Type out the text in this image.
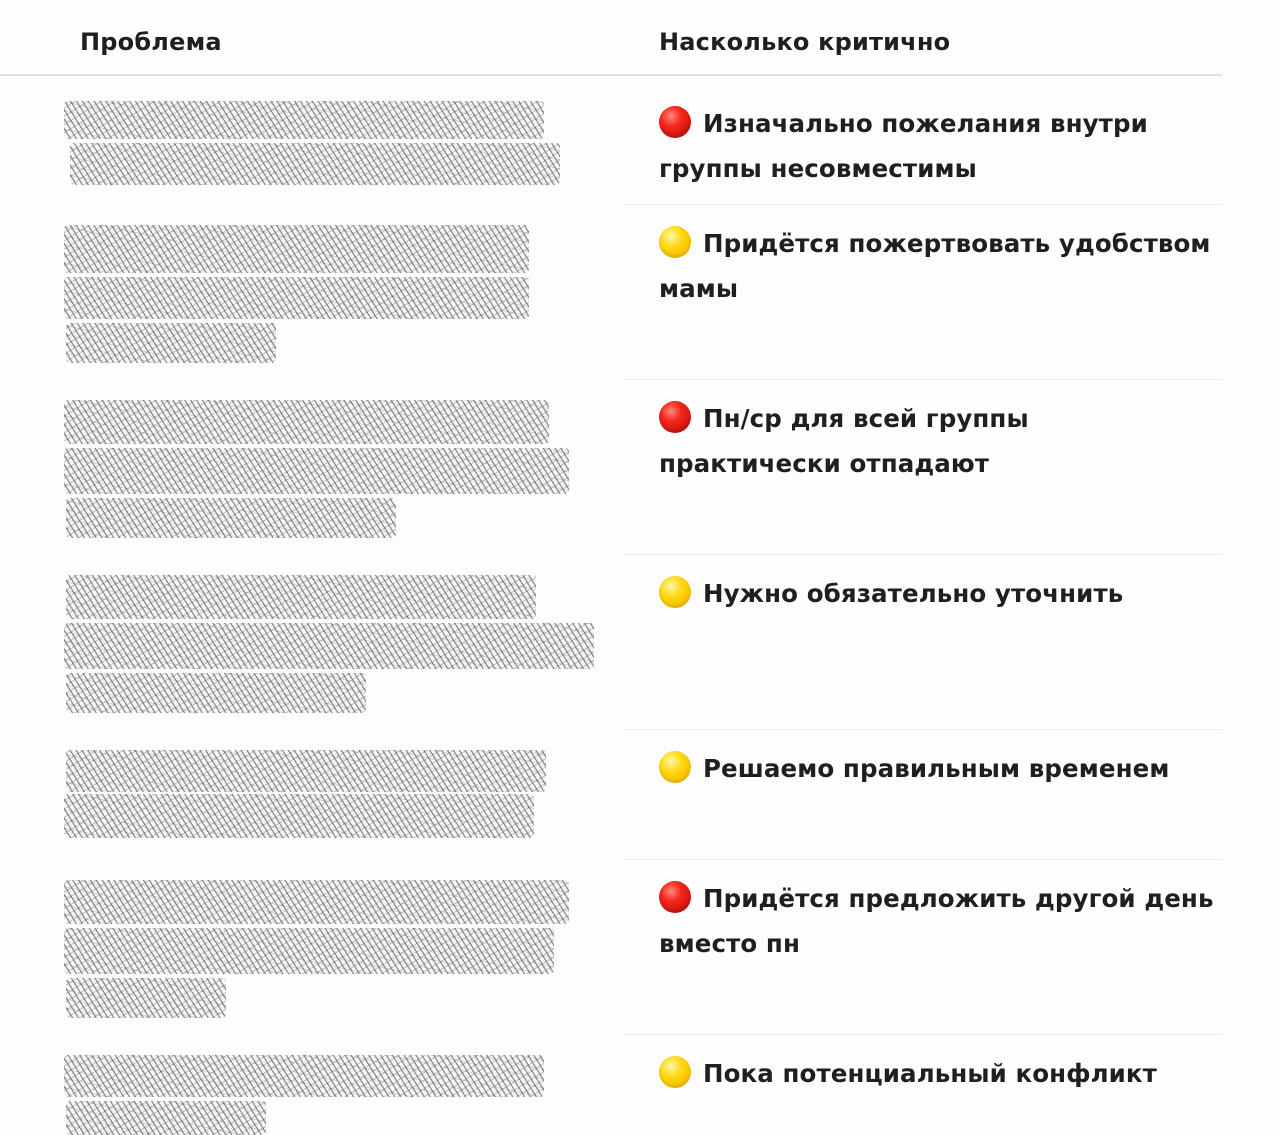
Проблема	Насколько критично
Изначально пожелания внутри группы несовместимы
Придётся пожертвовать удобством мамы
Пн/ср для всей группы практически отпадают
Нужно обязательно уточнить
Решаемо правильным временем
Придётся предложить другой день вместо пн
Пока потенциальный конфликт
